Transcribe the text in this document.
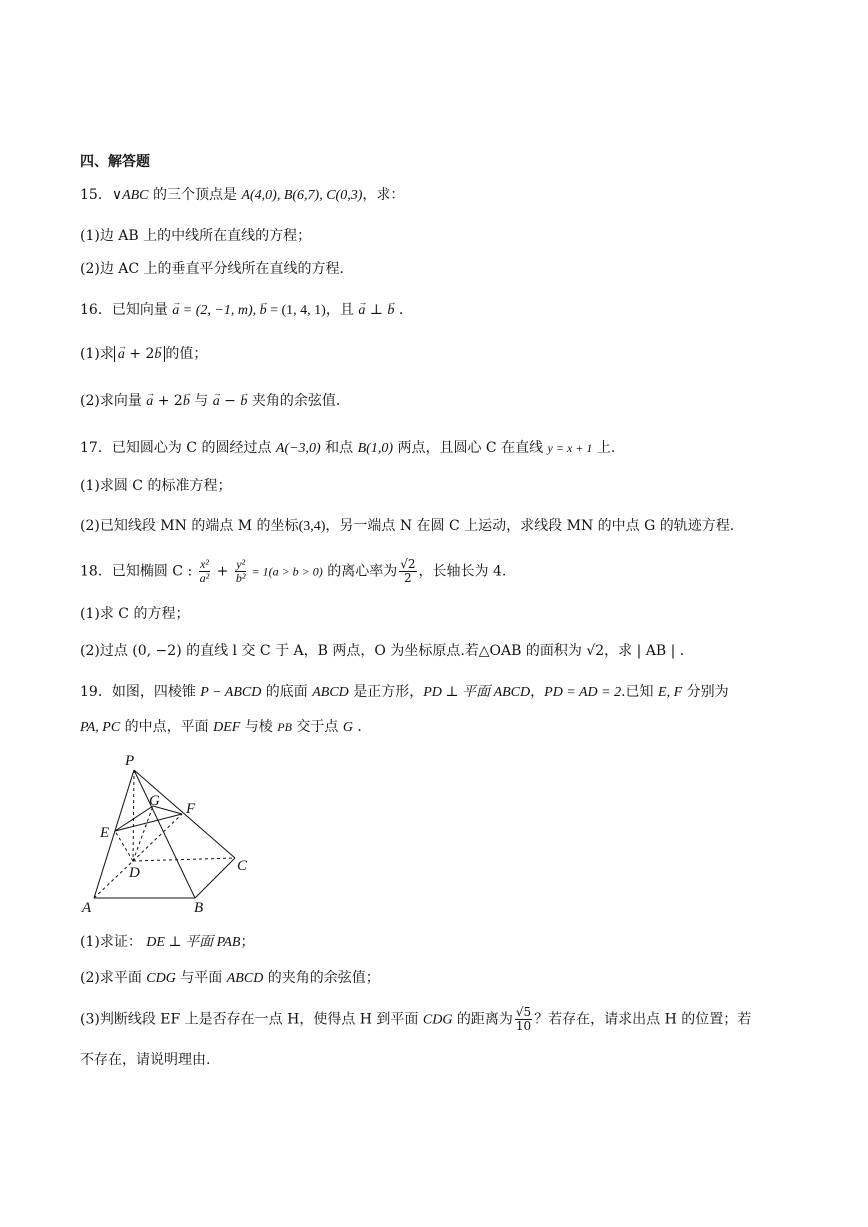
四、解答题
15．∨ABC 的三个顶点是 A(4,0), B(6,7), C(0,3)，求：
(1)边 AB 上的中线所在直线的方程；
(2)边 AC 上的垂直平分线所在直线的方程.
16．已知向量 → a = (2, −1, m), → b = (1, 4, 1)，且 → a ⊥ → b .
(1)求→ a + 2→ b 的值；
(2)求向量 → a + 2→ b 与 → a − → b 夹角的余弦值.
17．已知圆心为 C 的圆经过点 A(−3,0) 和点 B(1,0) 两点，且圆心 C 在直线 y = x + 1 上.
(1)求圆 C 的标准方程；
(2)已知线段 MN 的端点 M 的坐标(3,4)，另一端点 N 在圆 C 上运动，求线段 MN 的中点 G 的轨迹方程.
18．已知椭圆 C : $\frac{\text{x²}}{\text{a²}} + \frac{\text{y²}}{\text{b²}} = 1(a > b > 0)$ 的离心率为 $\frac{√2}{2}$ ，长轴长为 4.
(1)求 C 的方程；
(2)过点 (0, −2) 的直线 l 交 C 于 A，B 两点，O 为坐标原点.若△OAB 的面积为 √2，求 | AB | .
19．如图，四棱锥 P − ABCD 的底面 ABCD 是正方形，PD ⊥ 平面 ABCD，PD = AD = 2.已知 E, F 分别为
PA, PC 的中点，平面 DEF 与棱 PB 交于点 G .
P
G F
E
D	C
A	B
(1)求证： DE ⊥ 平面 PAB；
(2)求平面 CDG 与平面 ABCD 的夹角的余弦值；
(3)判断线段 EF 上是否存在一点 H，使得点 H 到平面 CDG 的距离为 $\frac{√5}{10}$ ？若存在，请求出点 H 的位置；若
不存在，请说明理由.
